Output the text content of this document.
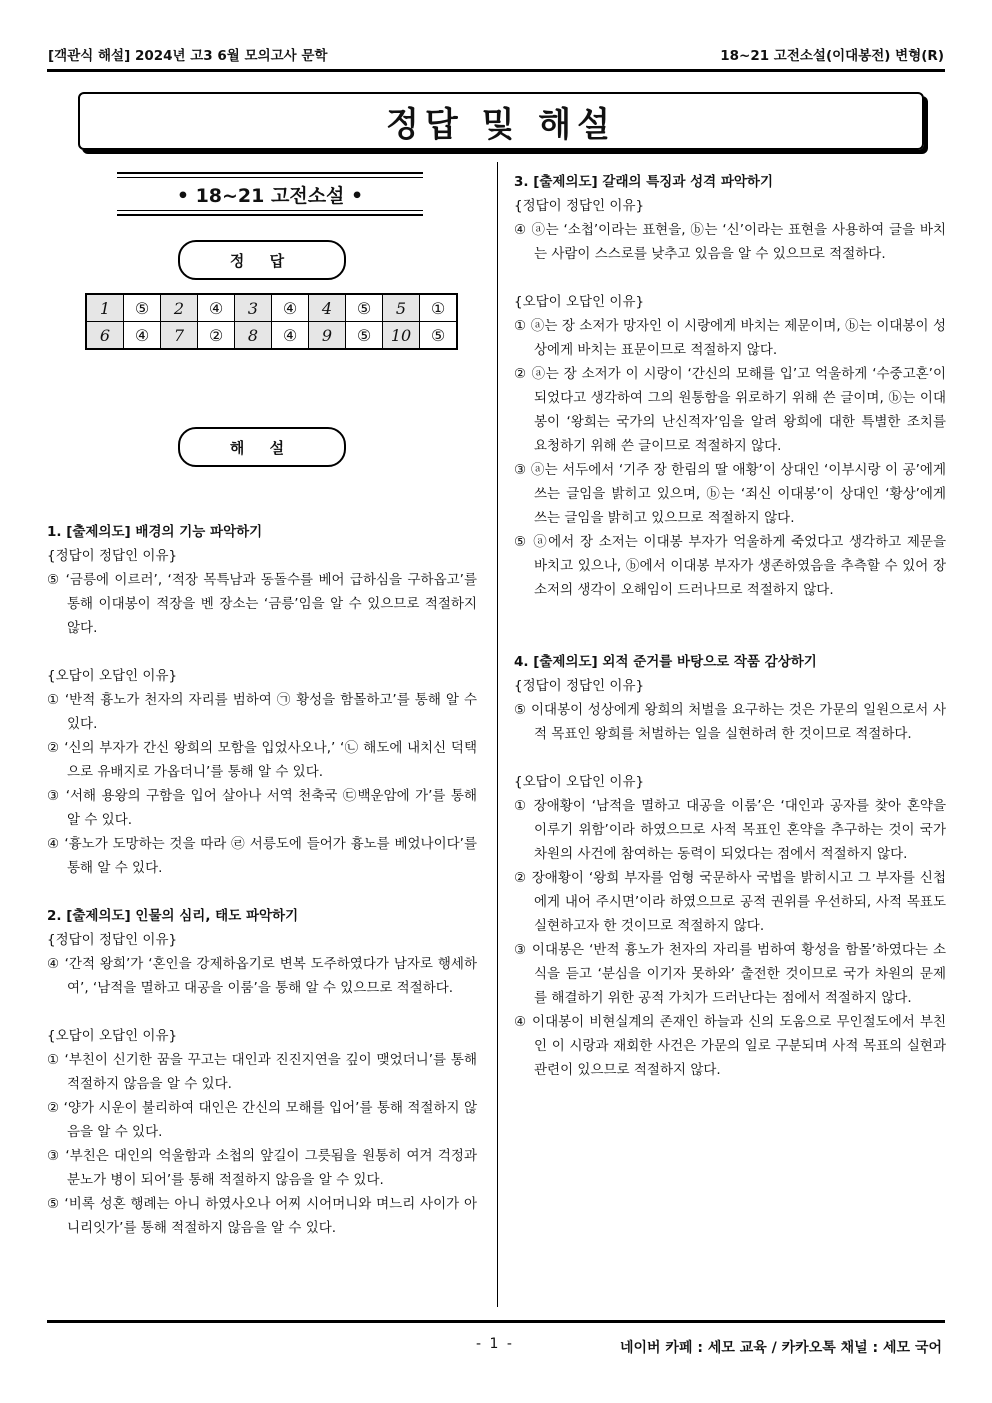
[객관식 해설] 2024년 고3 6월 모의고사 문학	18~21 고전소설(이대봉전) 변형(R)
정답 및 해설
• 18~21 고전소설 •
정 답
1	⑤	2	④	3	④	4	⑤	5	①
6	④	7	②	8	④	9	⑤	10	⑤
해 설
1. [출제의도] 배경의 기능 파악하기
{정답이 정답인 이유}
⑤ ‘금릉에 이르러’, ‘적장 목특남과 동돌수를 베어 급하심을 구하옵고’를 통해 이대봉이 적장을 벤 장소는 ‘금릉’임을 알 수 있으므로 적절하지 않다.
{오답이 오답인 이유}
① ‘반적 흉노가 천자의 자리를 범하여 ㉠ 황성을 함몰하고’를 통해 알 수 있다.
② ‘신의 부자가 간신 왕희의 모함을 입었사오나,’ ‘㉡ 해도에 내치신 덕택으로 유배지로 가옵더니’를 통해 알 수 있다.
③ ‘서해 용왕의 구함을 입어 살아나 서역 천축국 ㉢백운암에 가’를 통해 알 수 있다.
④ ‘흉노가 도망하는 것을 따라 ㉣ 서릉도에 들어가 흉노를 베었나이다’를 통해 알 수 있다.
2. [출제의도] 인물의 심리, 태도 파악하기
{정답이 정답인 이유}
④ ‘간적 왕희’가 ‘혼인을 강제하옵기로 변복 도주하였다가 남자로 행세하여’, ‘남적을 멸하고 대공을 이룸’을 통해 알 수 있으므로 적절하다.
{오답이 오답인 이유}
① ‘부친이 신기한 꿈을 꾸고는 대인과 진진지연을 깊이 맺었더니’를 통해 적절하지 않음을 알 수 있다.
② ‘양가 시운이 불리하여 대인은 간신의 모해를 입어’를 통해 적절하지 않음을 알 수 있다.
③ ‘부친은 대인의 억울함과 소첩의 앞길이 그릇됨을 원통히 여겨 걱정과 분노가 병이 되어’를 통해 적절하지 않음을 알 수 있다.
⑤ ‘비록 성혼 행례는 아니 하였사오나 어찌 시어머니와 며느리 사이가 아니리잇가’를 통해 적절하지 않음을 알 수 있다.
3. [출제의도] 갈래의 특징과 성격 파악하기
{정답이 정답인 이유}
④ ⓐ는 ‘소첩’이라는 표현을, ⓑ는 ‘신’이라는 표현을 사용하여 글을 바치는 사람이 스스로를 낮추고 있음을 알 수 있으므로 적절하다.
{오답이 오답인 이유}
① ⓐ는 장 소저가 망자인 이 시랑에게 바치는 제문이며, ⓑ는 이대봉이 성상에게 바치는 표문이므로 적절하지 않다.
② ⓐ는 장 소저가 이 시랑이 ‘간신의 모해를 입’고 억울하게 ‘수중고혼’이 되었다고 생각하여 그의 원통함을 위로하기 위해 쓴 글이며, ⓑ는 이대봉이 ‘왕희는 국가의 난신적자’임을 알려 왕희에 대한 특별한 조치를 요청하기 위해 쓴 글이므로 적절하지 않다.
③ ⓐ는 서두에서 ‘기주 장 한림의 딸 애황’이 상대인 ‘이부시랑 이 공’에게 쓰는 글임을 밝히고 있으며, ⓑ는 ‘죄신 이대봉’이 상대인 ‘황상’에게 쓰는 글임을 밝히고 있으므로 적절하지 않다.
⑤ ⓐ에서 장 소저는 이대봉 부자가 억울하게 죽었다고 생각하고 제문을 바치고 있으나, ⓑ에서 이대봉 부자가 생존하였음을 추측할 수 있어 장 소저의 생각이 오해임이 드러나므로 적절하지 않다.
4. [출제의도] 외적 준거를 바탕으로 작품 감상하기
{정답이 정답인 이유}
⑤ 이대봉이 성상에게 왕희의 처벌을 요구하는 것은 가문의 일원으로서 사적 목표인 왕희를 처벌하는 일을 실현하려 한 것이므로 적절하다.
{오답이 오답인 이유}
① 장애황이 ‘남적을 멸하고 대공을 이룸’은 ‘대인과 공자를 찾아 혼약을 이루기 위함’이라 하였으므로 사적 목표인 혼약을 추구하는 것이 국가 차원의 사건에 참여하는 동력이 되었다는 점에서 적절하지 않다.
② 장애황이 ‘왕희 부자를 엄형 국문하사 국법을 밝히시고 그 부자를 신첩에게 내어 주시면’이라 하였으므로 공적 권위를 우선하되, 사적 목표도 실현하고자 한 것이므로 적절하지 않다.
③ 이대봉은 ‘반적 흉노가 천자의 자리를 범하여 황성을 함몰’하였다는 소식을 듣고 ‘분심을 이기자 못하와’ 출전한 것이므로 국가 차원의 문제를 해결하기 위한 공적 가치가 드러난다는 점에서 적절하지 않다.
④ 이대봉이 비현실계의 존재인 하늘과 신의 도움으로 무인절도에서 부친인 이 시랑과 재회한 사건은 가문의 일로 구분되며 사적 목표의 실현과 관련이 있으므로 적절하지 않다.
- 1 -	네이버 카페 : 세모 교육 / 카카오톡 채널 : 세모 국어
